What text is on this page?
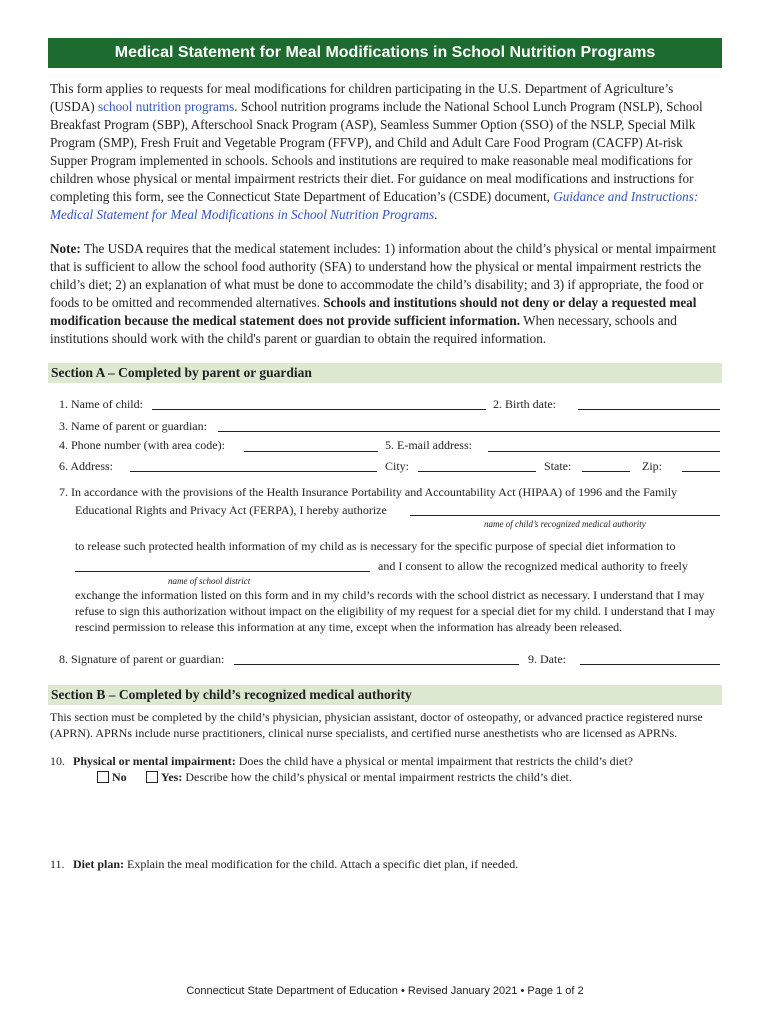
Medical Statement for Meal Modifications in School Nutrition Programs
This form applies to requests for meal modifications for children participating in the U.S. Department of Agriculture’s (USDA) school nutrition programs. School nutrition programs include the National School Lunch Program (NSLP), School Breakfast Program (SBP), Afterschool Snack Program (ASP), Seamless Summer Option (SSO) of the NSLP, Special Milk Program (SMP), Fresh Fruit and Vegetable Program (FFVP), and Child and Adult Care Food Program (CACFP) At-risk Supper Program implemented in schools. Schools and institutions are required to make reasonable meal modifications for children whose physical or mental impairment restricts their diet. For guidance on meal modifications and instructions for completing this form, see the Connecticut State Department of Education’s (CSDE) document, Guidance and Instructions: Medical Statement for Meal Modifications in School Nutrition Programs.
Note: The USDA requires that the medical statement includes: 1) information about the child’s physical or mental impairment that is sufficient to allow the school food authority (SFA) to understand how the physical or mental impairment restricts the child’s diet; 2) an explanation of what must be done to accommodate the child’s disability; and 3) if appropriate, the food or foods to be omitted and recommended alternatives. Schools and institutions should not deny or delay a requested meal modification because the medical statement does not provide sufficient information. When necessary, schools and institutions should work with the child's parent or guardian to obtain the required information.
Section A – Completed by parent or guardian
1. Name of child:	2. Birth date:
3. Name of parent or guardian:
4. Phone number (with area code):	5. E-mail address:
6. Address:	City:	State:	Zip:
7. In accordance with the provisions of the Health Insurance Portability and Accountability Act (HIPAA) of 1996 and the Family
Educational Rights and Privacy Act (FERPA), I hereby authorize
name of child’s recognized medical authority
to release such protected health information of my child as is necessary for the specific purpose of special diet information to
and I consent to allow the recognized medical authority to freely
name of school district
exchange the information listed on this form and in my child’s records with the school district as necessary. I understand that I may refuse to sign this authorization without impact on the eligibility of my request for a special diet for my child. I understand that I may rescind permission to release this information at any time, except when the information has already been released.
8. Signature of parent or guardian:	9. Date:
Section B – Completed by child’s recognized medical authority
This section must be completed by the child’s physician, physician assistant, doctor of osteopathy, or advanced practice registered nurse (APRN). APRNs include nurse practitioners, clinical nurse specialists, and certified nurse anesthetists who are licensed as APRNs.
10. Physical or mental impairment: Does the child have a physical or mental impairment that restricts the child’s diet?
No	Yes: Describe how the child’s physical or mental impairment restricts the child’s diet.
11. Diet plan: Explain the meal modification for the child. Attach a specific diet plan, if needed.
Connecticut State Department of Education • Revised January 2021 • Page 1 of 2
